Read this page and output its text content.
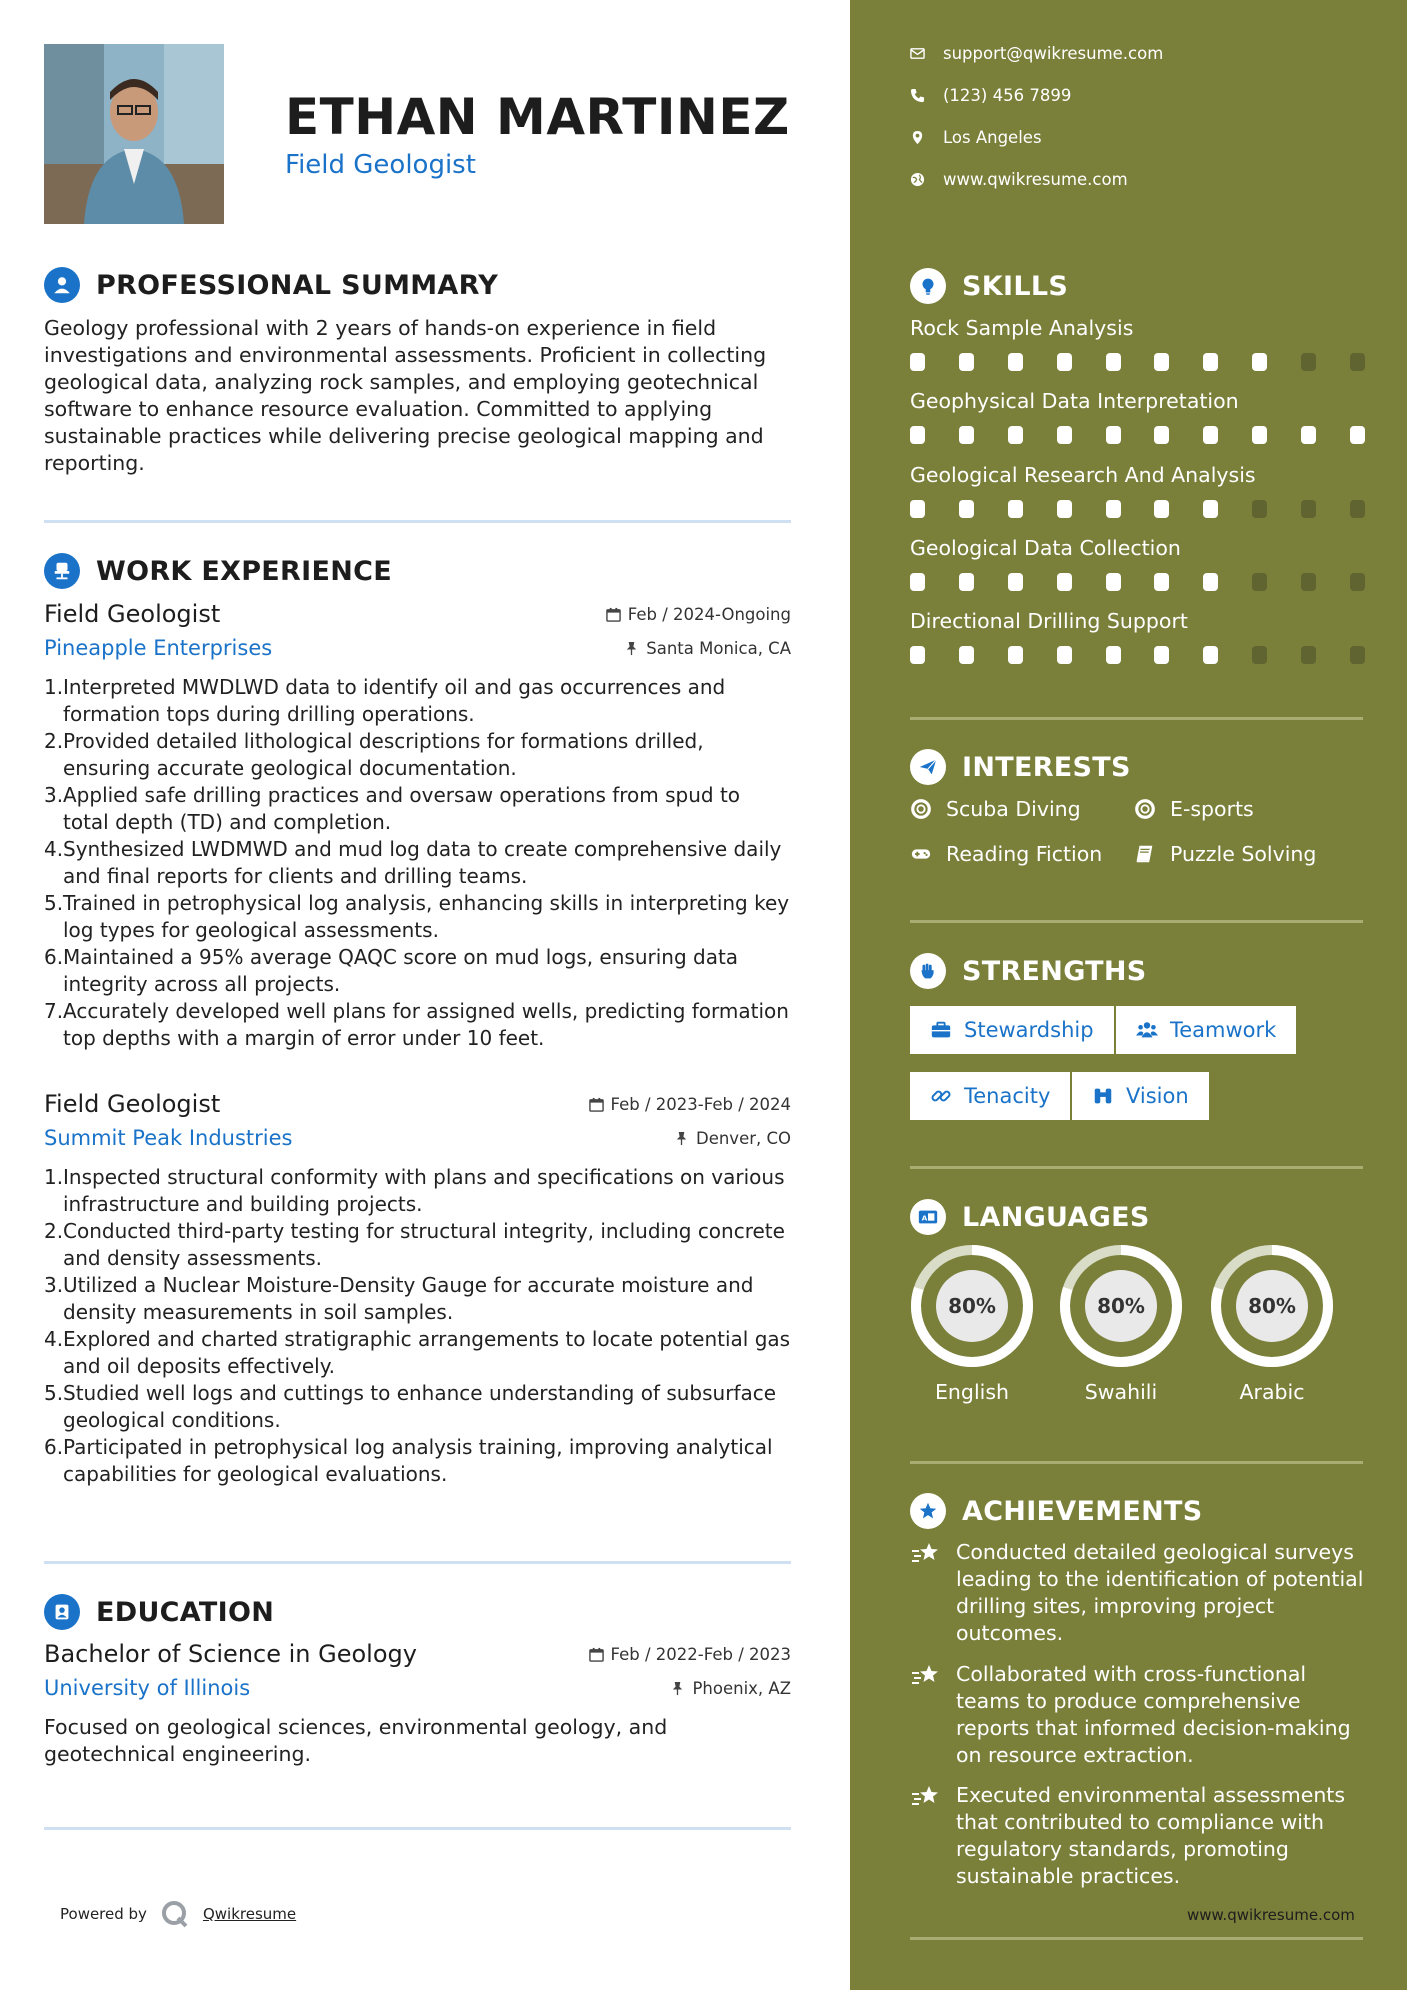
ETHAN MARTINEZ
Field Geologist
PROFESSIONAL SUMMARY
Geology professional with 2 years of hands-on experience in field investigations and environmental assessments. Proficient in collecting geological data, analyzing rock samples, and employing geotechnical software to enhance resource evaluation. Committed to applying sustainable practices while delivering precise geological mapping and reporting.
WORK EXPERIENCE
Field Geologist	Feb / 2024-Ongoing
Pineapple Enterprises	Santa Monica, CA
1. Interpreted MWDLWD data to identify oil and gas occurrences and formation tops during drilling operations.
2. Provided detailed lithological descriptions for formations drilled, ensuring accurate geological documentation.
3. Applied safe drilling practices and oversaw operations from spud to total depth (TD) and completion.
4. Synthesized LWDMWD and mud log data to create comprehensive daily and final reports for clients and drilling teams.
5. Trained in petrophysical log analysis, enhancing skills in interpreting key log types for geological assessments.
6. Maintained a 95% average QAQC score on mud logs, ensuring data integrity across all projects.
7. Accurately developed well plans for assigned wells, predicting formation top depths with a margin of error under 10 feet.
Field Geologist	Feb / 2023-Feb / 2024
Summit Peak Industries	Denver, CO
1. Inspected structural conformity with plans and specifications on various infrastructure and building projects.
2. Conducted third-party testing for structural integrity, including concrete and density assessments.
3. Utilized a Nuclear Moisture-Density Gauge for accurate moisture and density measurements in soil samples.
4. Explored and charted stratigraphic arrangements to locate potential gas and oil deposits effectively.
5. Studied well logs and cuttings to enhance understanding of subsurface geological conditions.
6. Participated in petrophysical log analysis training, improving analytical capabilities for geological evaluations.
EDUCATION
Bachelor of Science in Geology	Feb / 2022-Feb / 2023
University of Illinois	Phoenix, AZ
Focused on geological sciences, environmental geology, and geotechnical engineering.
Powered by	Qwikresume
support@qwikresume.com
(123) 456 7899
Los Angeles
www.qwikresume.com
SKILLS
Rock Sample Analysis
Geophysical Data Interpretation
Geological Research And Analysis
Geological Data Collection
Directional Drilling Support
INTERESTS
Scuba Diving	E-sports
Reading Fiction	Puzzle Solving
STRENGTHS
Stewardship	Teamwork
Tenacity	Vision
A LANGUAGES
80%
English
80%
Swahili
80%
Arabic
ACHIEVEMENTS
Conducted detailed geological surveys leading to the identification of potential drilling sites, improving project outcomes.
Collaborated with cross-functional teams to produce comprehensive reports that informed decision-making on resource extraction.
Executed environmental assessments that contributed to compliance with regulatory standards, promoting sustainable practices.
www.qwikresume.com
